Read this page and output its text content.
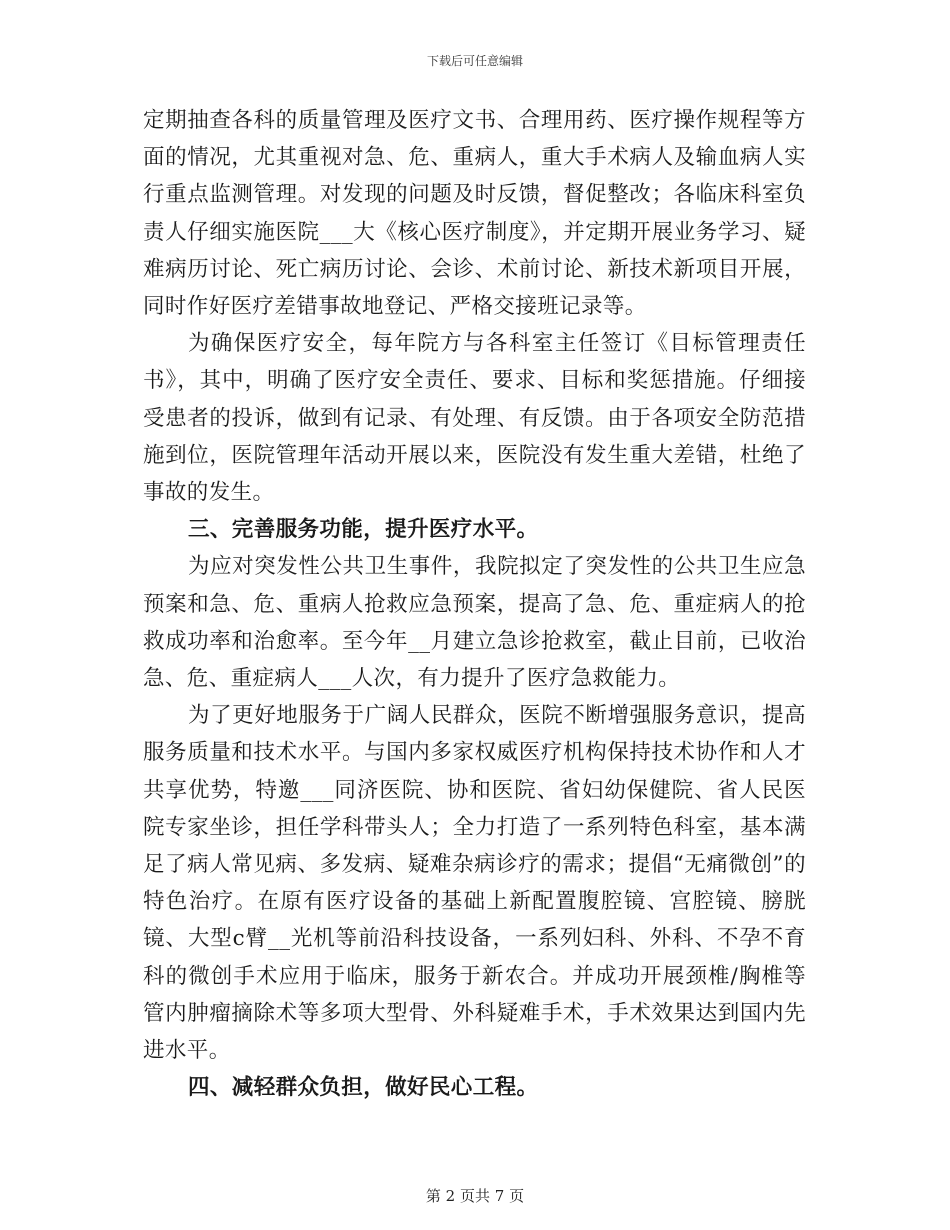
下载后可任意编辑

定期抽查各科的质量管理及医疗文书、合理用药、医疗操作规程等方面的情况，尤其重视对急、危、重病人，重大手术病人及输血病人实行重点监测管理。对发现的问题及时反馈，督促整改；各临床科室负责人仔细实施医院___大《核心医疗制度》，并定期开展业务学习、疑难病历讨论、死亡病历讨论、会诊、术前讨论、新技术新项目开展，同时作好医疗差错事故地登记、严格交接班记录等。

为确保医疗安全，每年院方与各科室主任签订《目标管理责任书》，其中，明确了医疗安全责任、要求、目标和奖惩措施。仔细接受患者的投诉，做到有记录、有处理、有反馈。由于各项安全防范措施到位，医院管理年活动开展以来，医院没有发生重大差错，杜绝了事故的发生。

三、完善服务功能，提升医疗水平。

为应对突发性公共卫生事件，我院拟定了突发性的公共卫生应急预案和急、危、重病人抢救应急预案，提高了急、危、重症病人的抢救成功率和治愈率。至今年__月建立急诊抢救室，截止目前，已收治急、危、重症病人___人次，有力提升了医疗急救能力。

为了更好地服务于广阔人民群众，医院不断增强服务意识，提高服务质量和技术水平。与国内多家权威医疗机构保持技术协作和人才共享优势，特邀___同济医院、协和医院、省妇幼保健院、省人民医院专家坐诊，担任学科带头人；全力打造了一系列特色科室，基本满足了病人常见病、多发病、疑难杂病诊疗的需求；提倡“无痛微创”的特色治疗。在原有医疗设备的基础上新配置腹腔镜、宫腔镜、膀胱镜、大型c臂__光机等前沿科技设备，一系列妇科、外科、不孕不育科的微创手术应用于临床，服务于新农合。并成功开展颈椎/胸椎等管内肿瘤摘除术等多项大型骨、外科疑难手术，手术效果达到国内先进水平。

四、减轻群众负担，做好民心工程。

第 2 页共 7 页
